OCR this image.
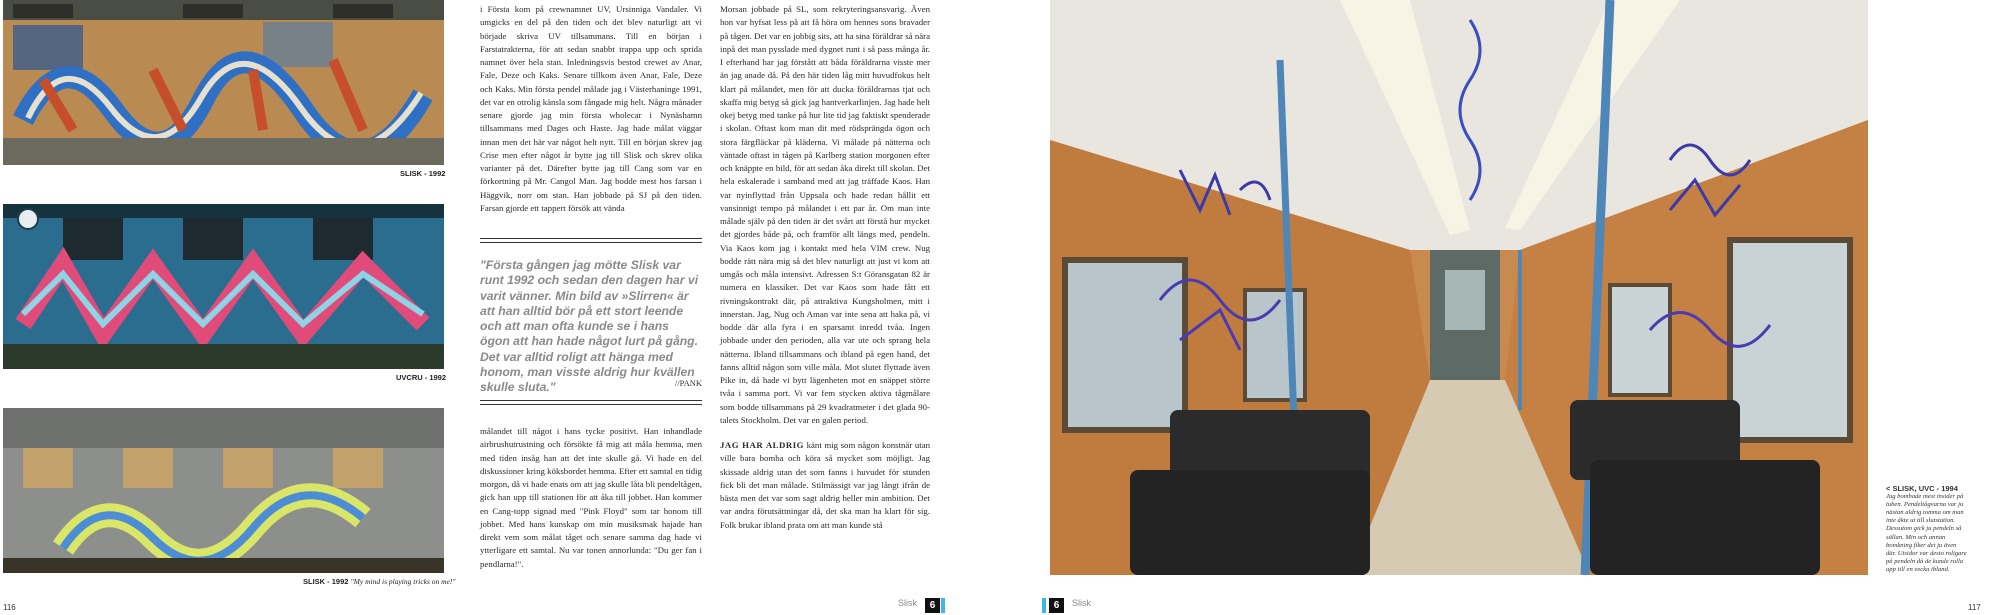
SLISK - 1992
UVCRU - 1992
SLISK - 1992 "My mind is playing tricks on me!"

i Första kom på crewnamnet UV, Ursinniga Vandaler. Vi umgicks en del på den tiden och det blev naturligt att vi började skriva UV tillsammans. Till en början i Farstatrakterna, för att sedan snabbt trappa upp och sprida namnet över hela stan. Inledningsvis bestod crewet av Anar, Fale, Deze och Kaks. Senare tillkom även Anar, Fale, Deze och Kaks. Min första pendel målade jag i Västerhaninge 1991, det var en otrolig känsla som fångade mig helt. Några månader senare gjorde jag min första wholecar i Nynäshamn tillsammans med Dages och Haste. Jag hade målat väggar innan men det här var något helt nytt. Till en början skrev jag Crise men efter något år bytte jag till Slisk och skrev olika varianter på det. Därefter bytte jag till Cang som var en förkortning på Mr. Cangol Man. Jag bodde mest hos farsan i Häggvik, norr om stan. Han jobbade på SJ på den tiden. Farsan gjorde ett tappert försök att vända

"Första gången jag mötte Slisk var runt 1992 och sedan den dagen har vi varit vänner. Min bild av »Slirren« är att han alltid bör på ett stort leende och att man ofta kunde se i hans ögon att han hade något lurt på gång. Det var alltid roligt att hänga med honom, man visste aldrig hur kvällen skulle sluta."	//PANK

målandet till något i hans tycke positivt. Han inhandlade airbrushutrustning och försökte få mig att måla hemma, men med tiden insåg han att det inte skulle gå. Vi hade en del diskussioner kring köksbordet hemma. Efter ett samtal en tidig morgon, då vi hade enats om att jag skulle låta bli pendeltågen, gick han upp till stationen för att åka till jobbet. Han kommer en Cang-topp signad med "Pink Floyd" som tar honom till jobbet. Med hans kunskap om min musiksmak hajade han direkt vem som målat tåget och senare samma dag hade vi ytterligare ett samtal. Nu var tonen annorlunda: "Du ger fan i pendlarna!".

Morsan jobbade på SL, som rekryteringsansvarig. Även hon var hyfsat less på att få höra om hennes sons bravader på tågen. Det var en jobbig sits, att ha sina föräldrar så nära inpå det man pysslade med dygnet runt i så pass många år. I efterhand har jag förstått att båda föräldrarna visste mer än jag anade då. På den här tiden låg mitt huvudfokus helt klart på målandet, men för att ducka föräldrarnas tjat och skaffa mig betyg så gick jag hantverkarlinjen. Jag hade helt okej betyg med tanke på hur lite tid jag faktiskt spenderade i skolan. Oftast kom man dit med rödsprängda ögon och stora färgfläckar på kläderna. Vi målade på nätterna och väntade oftast in tågen på Karlberg station morgonen efter och knäppte en bild, för att sedan åka direkt till skolan. Det hela eskalerade i samband med att jag träffade Kaos. Han var nyinflyttad från Uppsala och hade redan hållit ett vansinnigt tempo på målandet i ett par år. Om man inte målade själv på den tiden är det svårt att förstå hur mycket det gjordes både på, och framför allt längs med, pendeln. Via Kaos kom jag i kontakt med hela VIM crew. Nug bodde rätt nära mig så det blev naturligt att just vi kom att umgås och måla intensivt. Adressen S:t Göransgatan 82 är numera en klassiker. Det var Kaos som hade fått ett rivningskontrakt där, på attraktiva Kungsholmen, mitt i innerstan. Jag, Nug och Aman var inte sena att haka på, vi bodde där alla fyra i en sparsamt inredd tvåa. Ingen jobbade under den perioden, alla var ute och sprang hela nätterna. Ibland tillsammans och ibland på egen hand, det fanns alltid någon som ville måla. Mot slutet flyttade även Pike in, då hade vi bytt lägenheten mot en snäppet större tvåa i samma port. Vi var fem stycken aktiva tågmålare som bodde tillsammans på 29 kvadratmeter i det glada 90-talets Stockholm. Det var en galen period.

JAG HAR ALDRIG känt mig som någon konstnär utan ville bara bomba och köra så mycket som möjligt. Jag skissade aldrig utan det som fanns i huvudet för stunden fick bli det man målade. Stilmässigt var jag långt ifrån de bästa men det var som sagt aldrig heller min ambition. Det var andra förutsättningar då, det ska man ha klart för sig. Folk brukar ibland prata om att man kunde stå

< SLISK, UVC - 1994
Jag bombade mest insider på tuben. Pendeltågvarna var ju nästan aldrig tomma om man inte åkte ut till slutstation. Dessutom gick ju pendeln så sällan. Min och annan bomkning fiker det ju även där. Utsidor var desto roligare på pendeln då de kunde rulla upp till en vecka ibland.
116	Slisk	6	6	Slisk	117
